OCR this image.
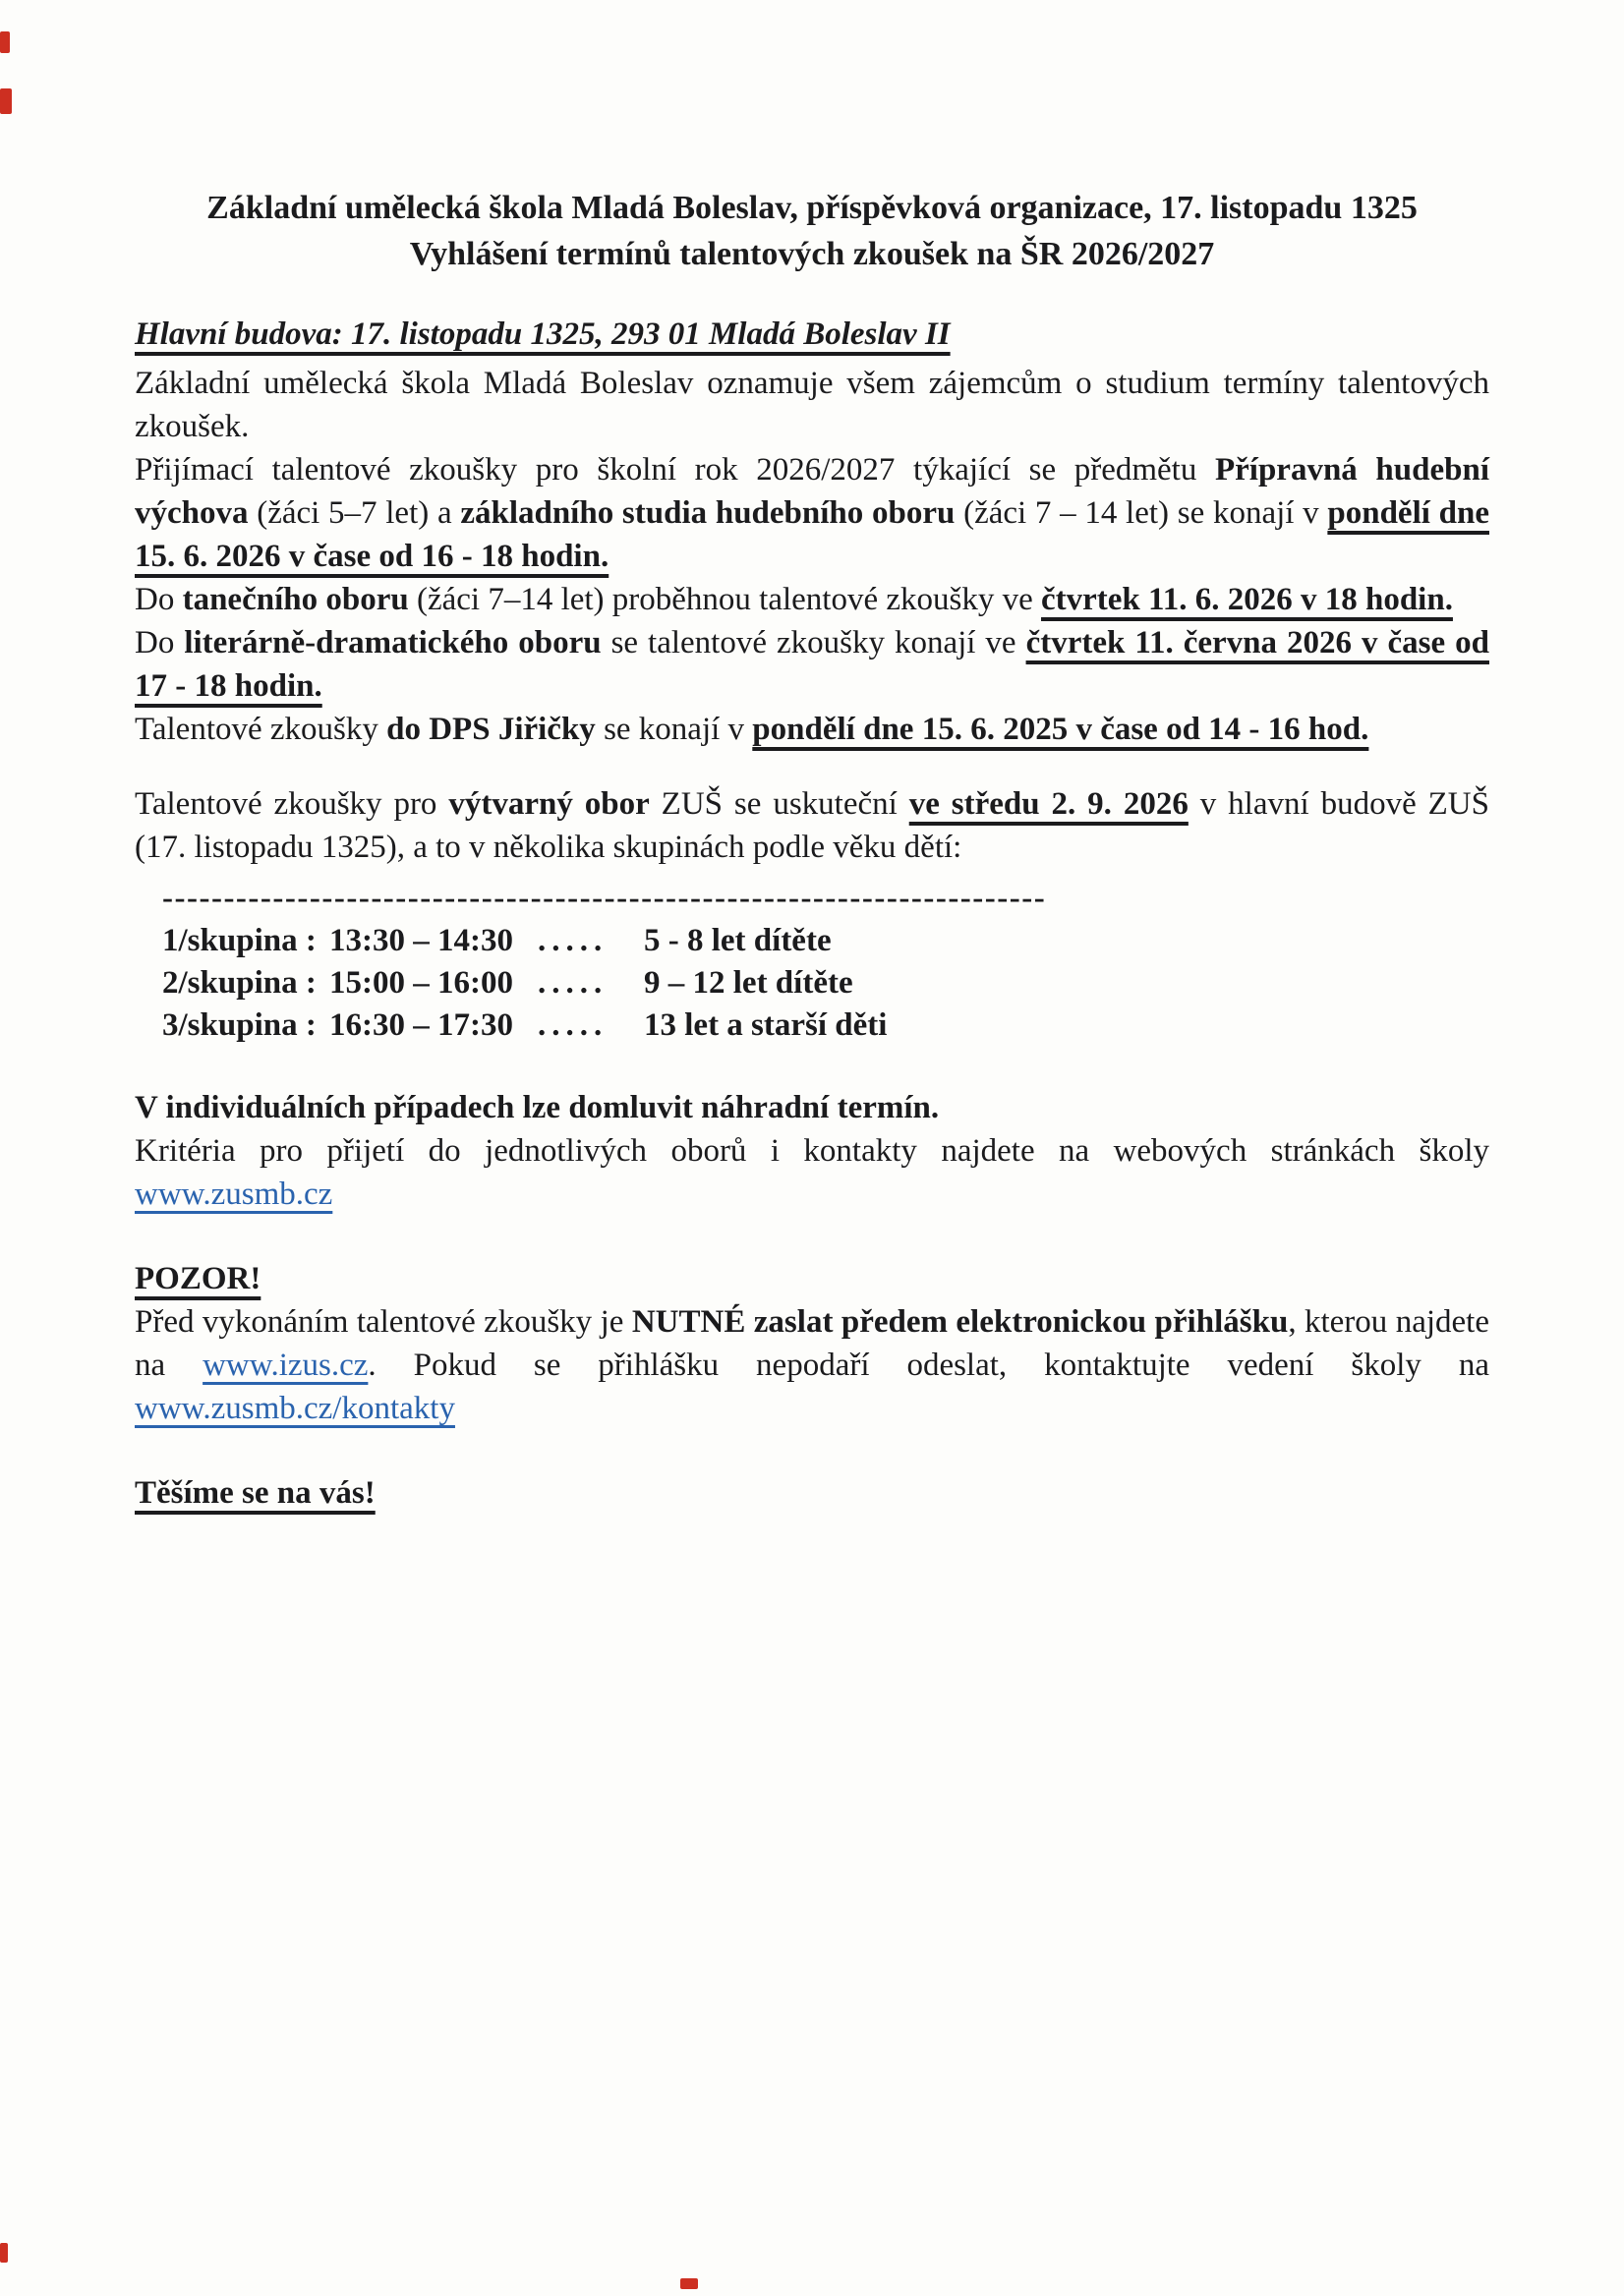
Základní umělecká škola Mladá Boleslav, příspěvková organizace, 17. listopadu 1325
Vyhlášení termínů talentových zkoušek na ŠR 2026/2027
Hlavní budova: 17. listopadu 1325, 293 01 Mladá Boleslav II

Základní umělecká škola Mladá Boleslav oznamuje všem zájemcům o studium termíny talentových zkoušek.

Přijímací talentové zkoušky pro školní rok 2026/2027 týkající se předmětu Přípravná hudební výchova (žáci 5–7 let) a základního studia hudebního oboru (žáci 7 – 14 let) se konají v pondělí dne 15. 6. 2026 v čase od 16 - 18 hodin.

Do tanečního oboru (žáci 7–14 let) proběhnou talentové zkoušky ve čtvrtek 11. 6. 2026 v 18 hodin.

Do literárně-dramatického oboru se talentové zkoušky konají ve čtvrtek 11. června 2026 v čase od 17 - 18 hodin.

Talentové zkoušky do DPS Jiřičky se konají v pondělí dne 15. 6. 2025 v čase od 14 - 16 hod.

Talentové zkoušky pro výtvarný obor ZUŠ se uskuteční ve středu 2. 9. 2026 v hlavní budově ZUŠ (17. listopadu 1325), a to v několika skupinách podle věku dětí:

------------------------------------------------------------------------
1/skupina : 13:30 – 14:30 .....	5 - 8 let dítěte
2/skupina : 15:00 – 16:00 .....	9 – 12 let dítěte
3/skupina : 16:30 – 17:30 .....	13 let a starší děti

V individuálních případech lze domluvit náhradní termín.

Kritéria pro přijetí do jednotlivých oborů i kontakty najdete na webových stránkách školy www.zusmb.cz

POZOR!

Před vykonáním talentové zkoušky je NUTNÉ zaslat předem elektronickou přihlášku, kterou najdete na www.izus.cz. Pokud se přihlášku nepodaří odeslat, kontaktujte vedení školy na www.zusmb.cz/kontakty

Těšíme se na vás!
